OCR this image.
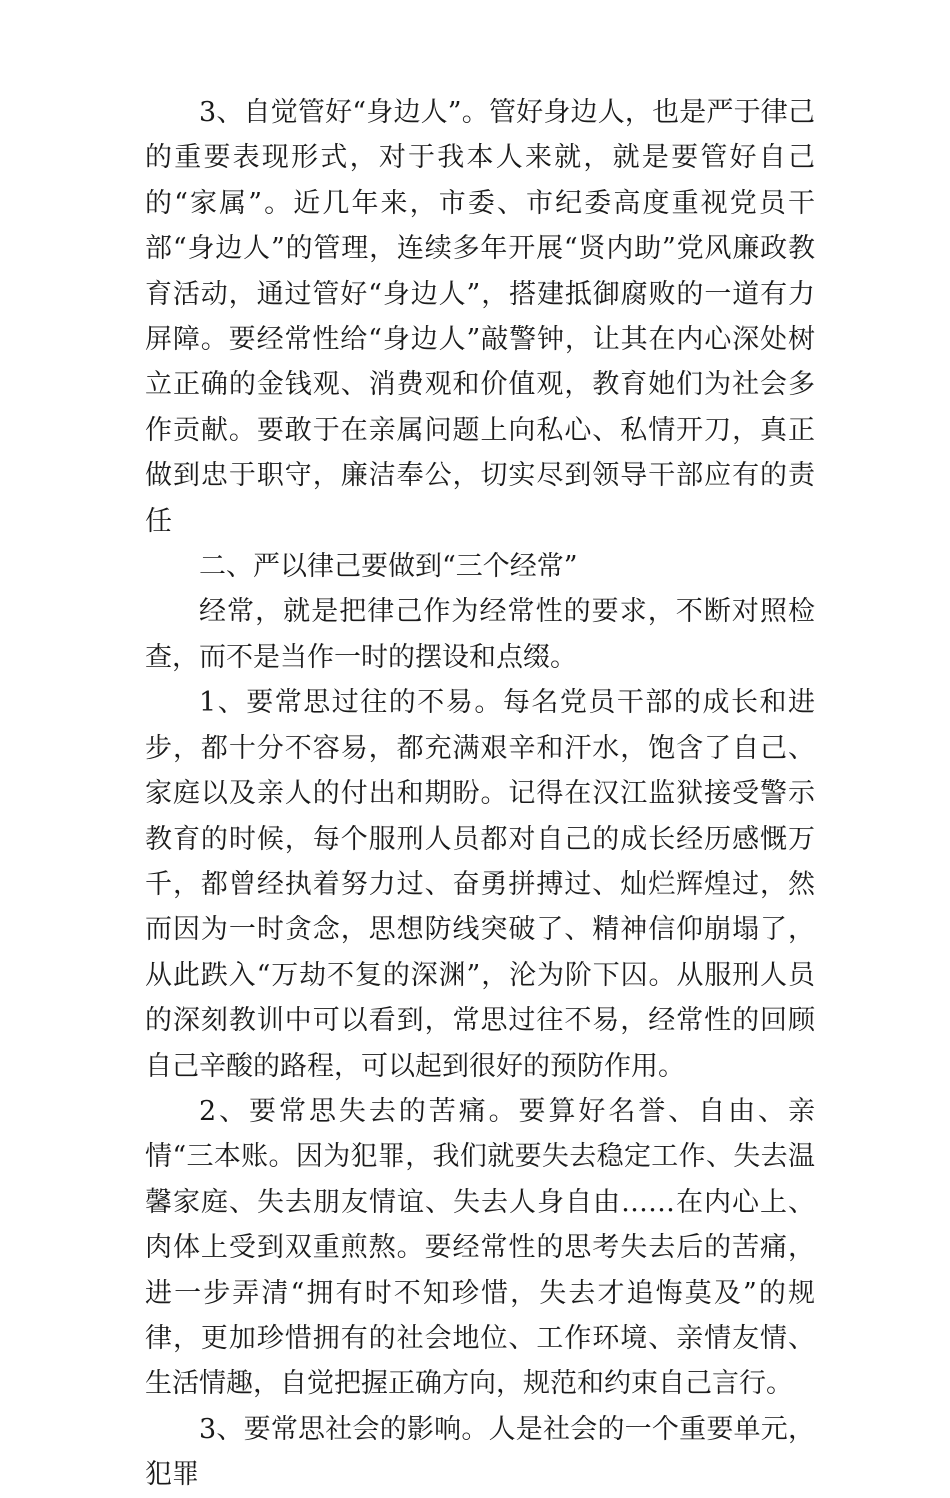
3、自觉管好“身边人”。管好身边人，也是严于律己的重要表现形式，对于我本人来就，就是要管好自己的“家属”。近几年来，市委、市纪委高度重视党员干部“身边人”的管理，连续多年开展“贤内助”党风廉政教育活动，通过管好“身边人”，搭建抵御腐败的一道有力屏障。要经常性给“身边人”敲警钟，让其在内心深处树立正确的金钱观、消费观和价值观，教育她们为社会多作贡献。要敢于在亲属问题上向私心、私情开刀，真正做到忠于职守，廉洁奉公，切实尽到领导干部应有的责任

二、严以律己要做到“三个经常”

经常，就是把律己作为经常性的要求，不断对照检查，而不是当作一时的摆设和点缀。

1、要常思过往的不易。每名党员干部的成长和进步，都十分不容易，都充满艰辛和汗水，饱含了自己、家庭以及亲人的付出和期盼。记得在汉江监狱接受警示教育的时候，每个服刑人员都对自己的成长经历感慨万千，都曾经执着努力过、奋勇拼搏过、灿烂辉煌过，然而因为一时贪念，思想防线突破了、精神信仰崩塌了，从此跌入“万劫不复的深渊”，沦为阶下囚。从服刑人员的深刻教训中可以看到，常思过往不易，经常性的回顾自己辛酸的路程，可以起到很好的预防作用。

2、要常思失去的苦痛。要算好名誉、自由、亲情“三本账。因为犯罪，我们就要失去稳定工作、失去温馨家庭、失去朋友情谊、失去人身自由……在内心上、肉体上受到双重煎熬。要经常性的思考失去后的苦痛，进一步弄清“拥有时不知珍惜，失去才追悔莫及”的规律，更加珍惜拥有的社会地位、工作环境、亲情友情、生活情趣，自觉把握正确方向，规范和约束自己言行。

3、要常思社会的影响。人是社会的一个重要单元，犯罪
